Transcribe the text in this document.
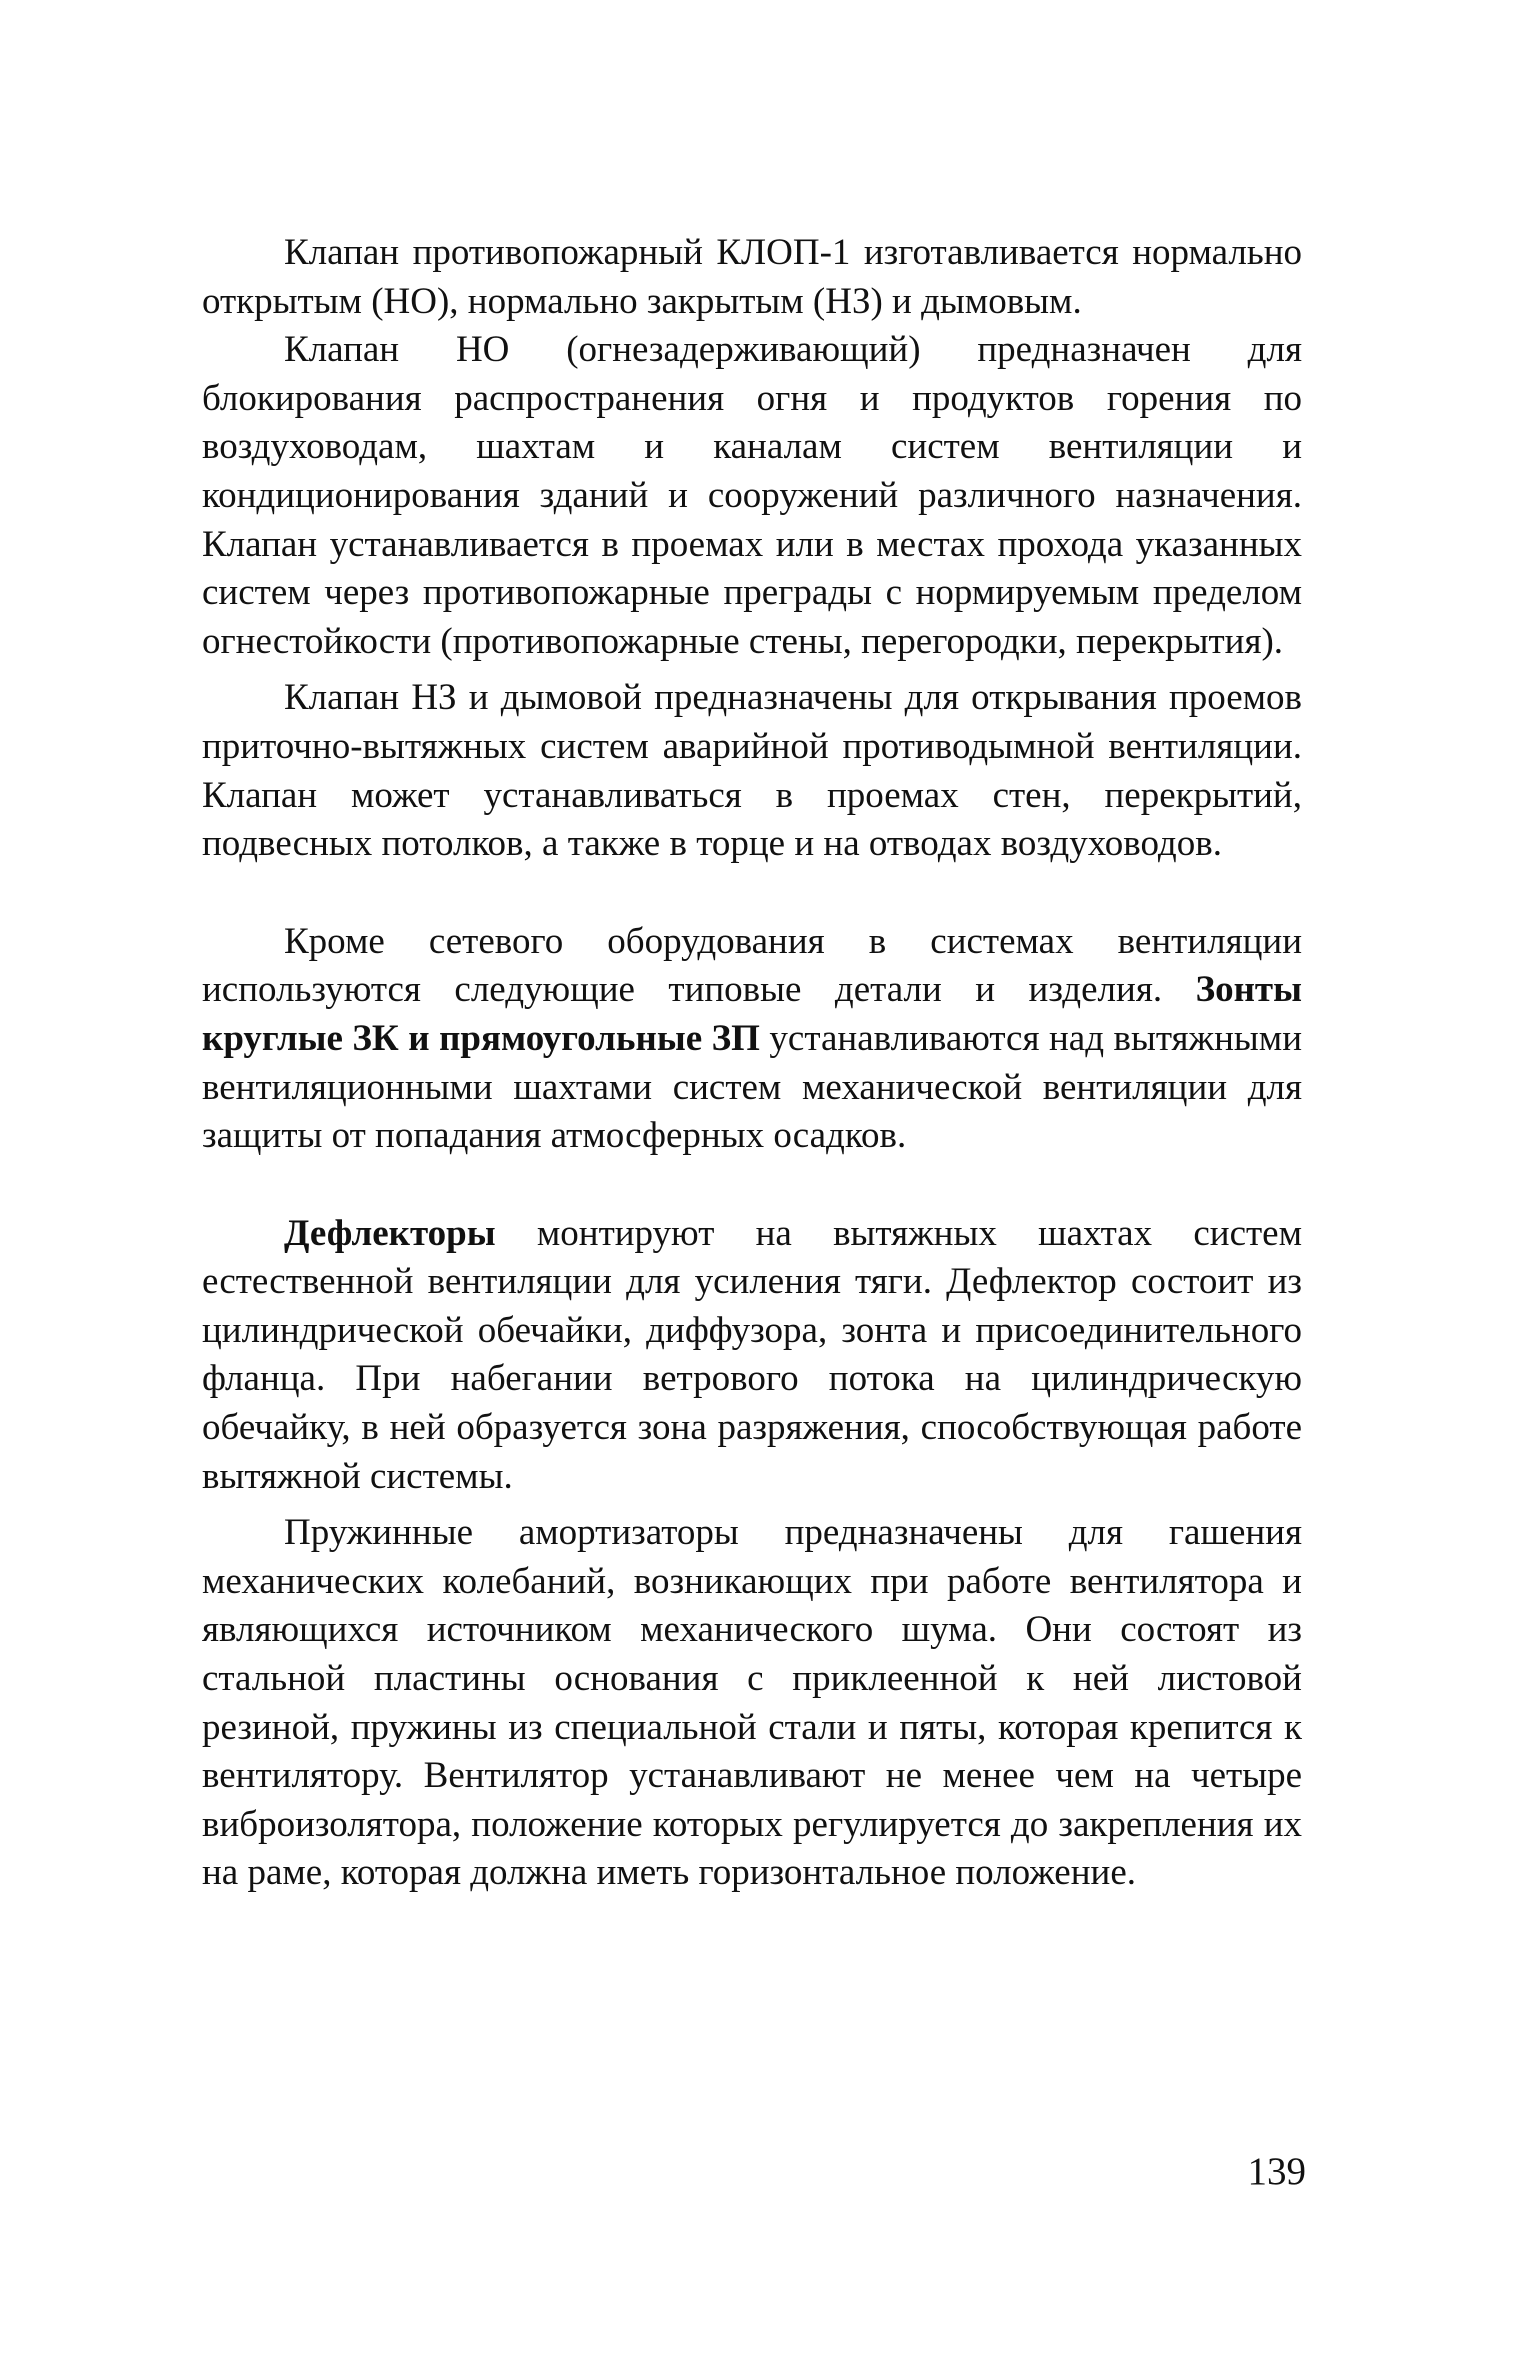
Клапан противопожарный КЛОП-1 изготавливается нормально открытым (НО), нормально закрытым (НЗ) и дымовым.

Клапан НО (огнезадерживающий) предназначен для блокирования распространения огня и продуктов горения по воздуховодам, шахтам и каналам систем вентиляции и кондиционирования зданий и сооружений различного назначения. Клапан устанавливается в проемах или в местах прохода указанных систем через противопожарные преграды с нормируемым пределом огнестойкости (противопожарные стены, перегородки, перекрытия).

Клапан НЗ и дымовой предназначены для открывания проемов приточно-вытяжных систем аварийной противодымной вентиляции. Клапан может устанавливаться в проемах стен, перекрытий, подвесных потолков, а также в торце и на отводах воздуховодов.

Кроме сетевого оборудования в системах вентиляции используются следующие типовые детали и изделия. Зонты круглые ЗК и прямоугольные ЗП устанавливаются над вытяжными вентиляционными шахтами систем механической вентиляции для защиты от попадания атмосферных осадков.

Дефлекторы монтируют на вытяжных шахтах систем естественной вентиляции для усиления тяги. Дефлектор состоит из цилиндрической обечайки, диффузора, зонта и присоединительного фланца. При набегании ветрового потока на цилиндрическую обечайку, в ней образуется зона разряжения, способствующая работе вытяжной системы.

Пружинные амортизаторы предназначены для гашения механических колебаний, возникающих при работе вентилятора и являющихся источником механического шума. Они состоят из стальной пластины основания с приклеенной к ней листовой резиной, пружины из специальной стали и пяты, которая крепится к вентилятору. Вентилятор устанавливают не менее чем на четыре виброизолятора, положение которых регулируется до закрепления их на раме, которая должна иметь горизонтальное положение.

139
